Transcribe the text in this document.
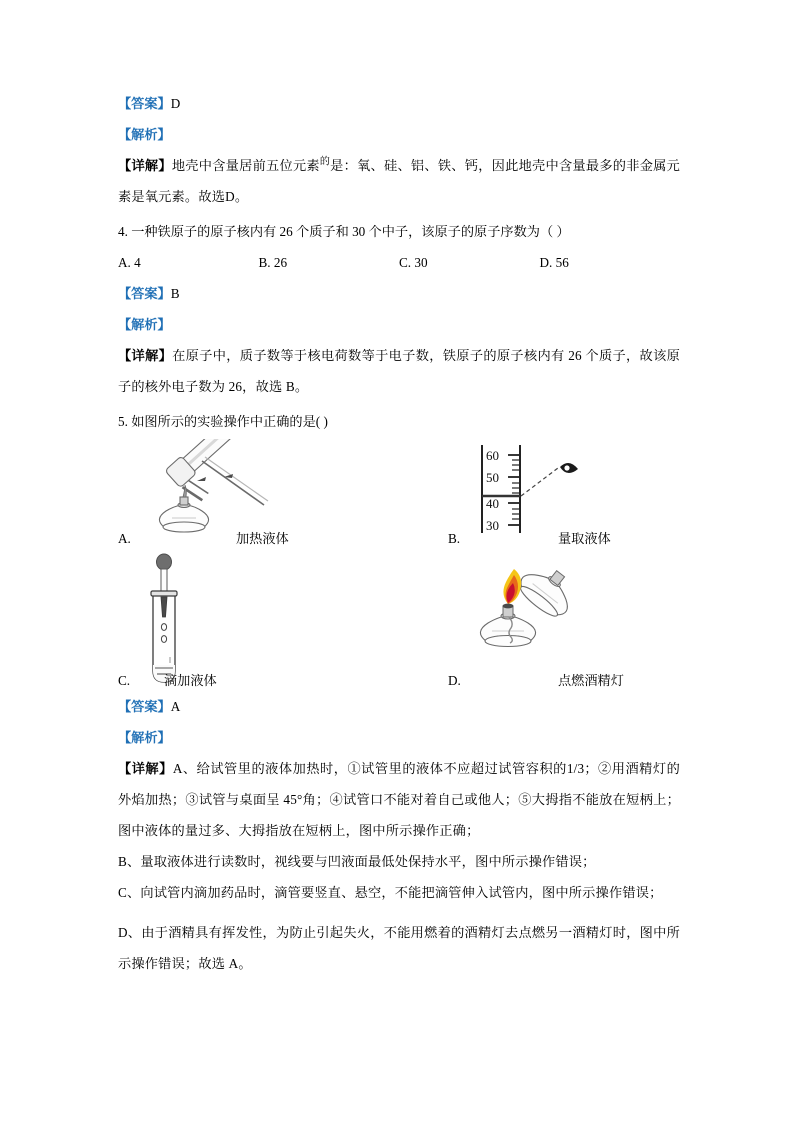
【答案】D

【解析】

【详解】地壳中含量居前五位元素$^的$是：氧、硅、铝、铁、钙，因此地壳中含量最多的非金属元素是氧元素。故选D。

4. 一种铁原子的原子核内有 26 个质子和 30 个中子，该原子的原子序数为（ ）

A. 4	B. 26	C. 30	D. 56

【答案】B

【解析】

【详解】在原子中，质子数等于核电荷数等于电子数，铁原子的原子核内有 26 个质子，故该原子的核外电子数为 26，故选 B。

5. 如图所示的实验操作中正确的是( )

A.	加热液体
60
50
40
30
B.	量取液体
C.	滴加液体	D.	点燃酒精灯

【答案】A

【解析】

【详解】A、给试管里的液体加热时，①试管里的液体不应超过试管容积的1/3；②用酒精灯的外焰加热；③试管与桌面呈 45°角；④试管口不能对着自己或他人；⑤大拇指不能放在短柄上；图中液体的量过多、大拇指放在短柄上，图中所示操作正确；

B、量取液体进行读数时，视线要与凹液面最低处保持水平，图中所示操作错误；

C、向试管内滴加药品时，滴管要竖直、悬空，不能把滴管伸入试管内，图中所示操作错误；

D、由于酒精具有挥发性，为防止引起失火，不能用燃着的酒精灯去点燃另一酒精灯时，图中所示操作错误；故选 A。
